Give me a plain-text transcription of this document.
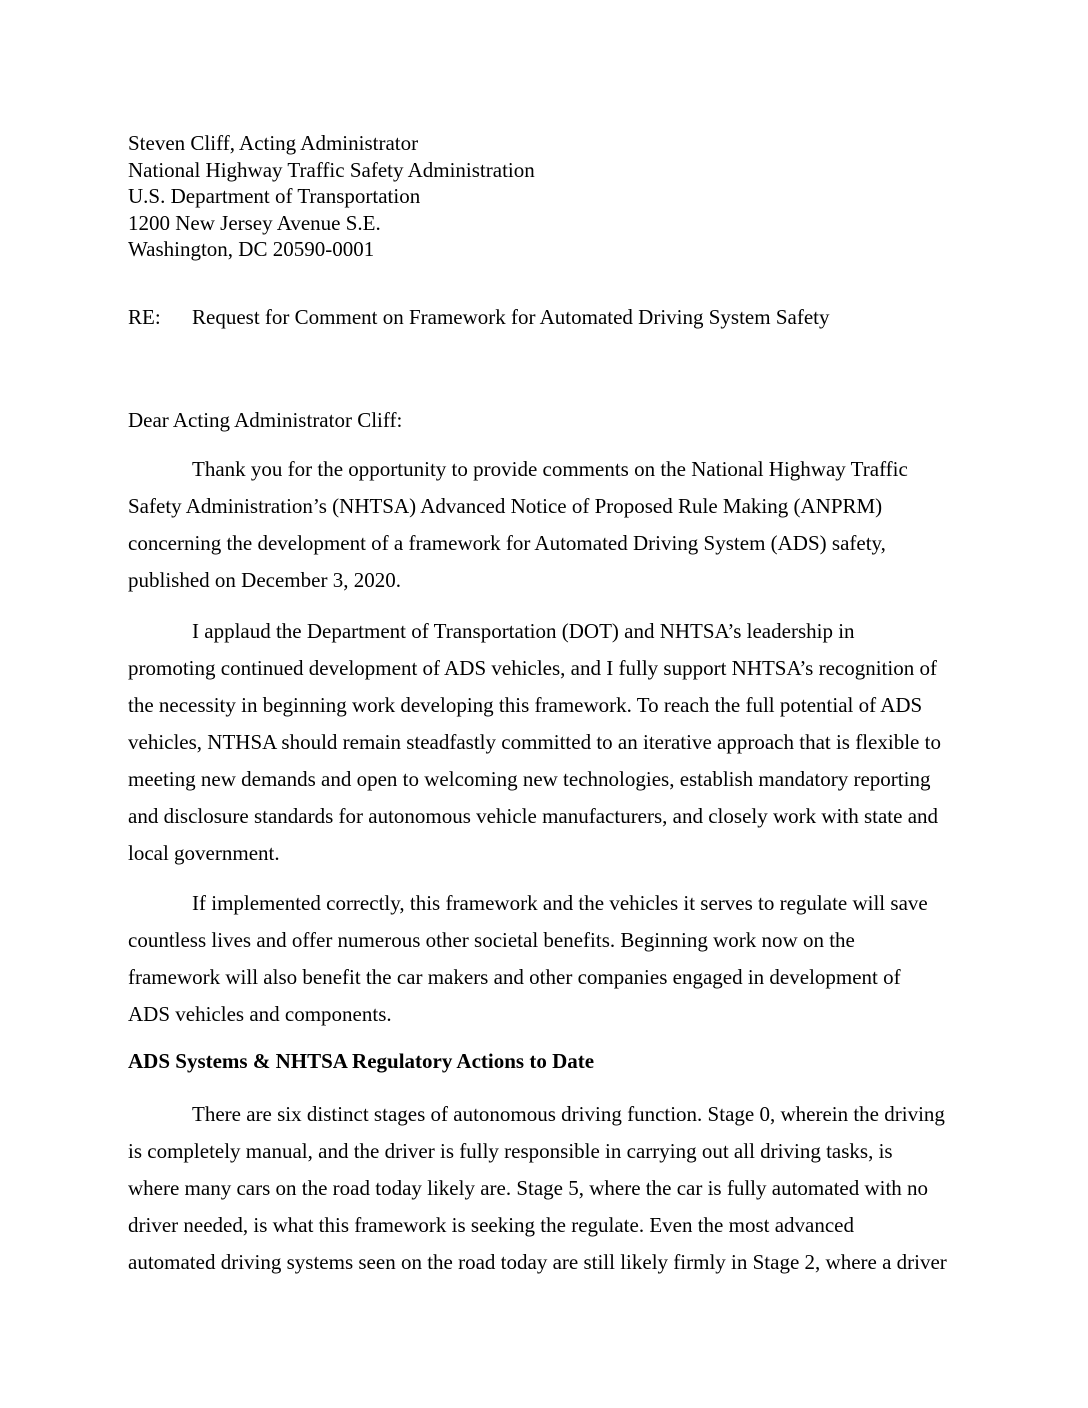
Steven Cliff, Acting Administrator
National Highway Traffic Safety Administration
U.S. Department of Transportation
1200 New Jersey Avenue S.E.
Washington, DC 20590-0001
RE: Request for Comment on Framework for Automated Driving System Safety
Dear Acting Administrator Cliff:
Thank you for the opportunity to provide comments on the National Highway Traffic
Safety Administration’s (NHTSA) Advanced Notice of Proposed Rule Making (ANPRM)
concerning the development of a framework for Automated Driving System (ADS) safety,
published on December 3, 2020.
I applaud the Department of Transportation (DOT) and NHTSA’s leadership in
promoting continued development of ADS vehicles, and I fully support NHTSA’s recognition of
the necessity in beginning work developing this framework. To reach the full potential of ADS
vehicles, NTHSA should remain steadfastly committed to an iterative approach that is flexible to
meeting new demands and open to welcoming new technologies, establish mandatory reporting
and disclosure standards for autonomous vehicle manufacturers, and closely work with state and
local government.
If implemented correctly, this framework and the vehicles it serves to regulate will save
countless lives and offer numerous other societal benefits. Beginning work now on the
framework will also benefit the car makers and other companies engaged in development of
ADS vehicles and components.
ADS Systems & NHTSA Regulatory Actions to Date
There are six distinct stages of autonomous driving function. Stage 0, wherein the driving
is completely manual, and the driver is fully responsible in carrying out all driving tasks, is
where many cars on the road today likely are. Stage 5, where the car is fully automated with no
driver needed, is what this framework is seeking the regulate. Even the most advanced
automated driving systems seen on the road today are still likely firmly in Stage 2, where a driver
